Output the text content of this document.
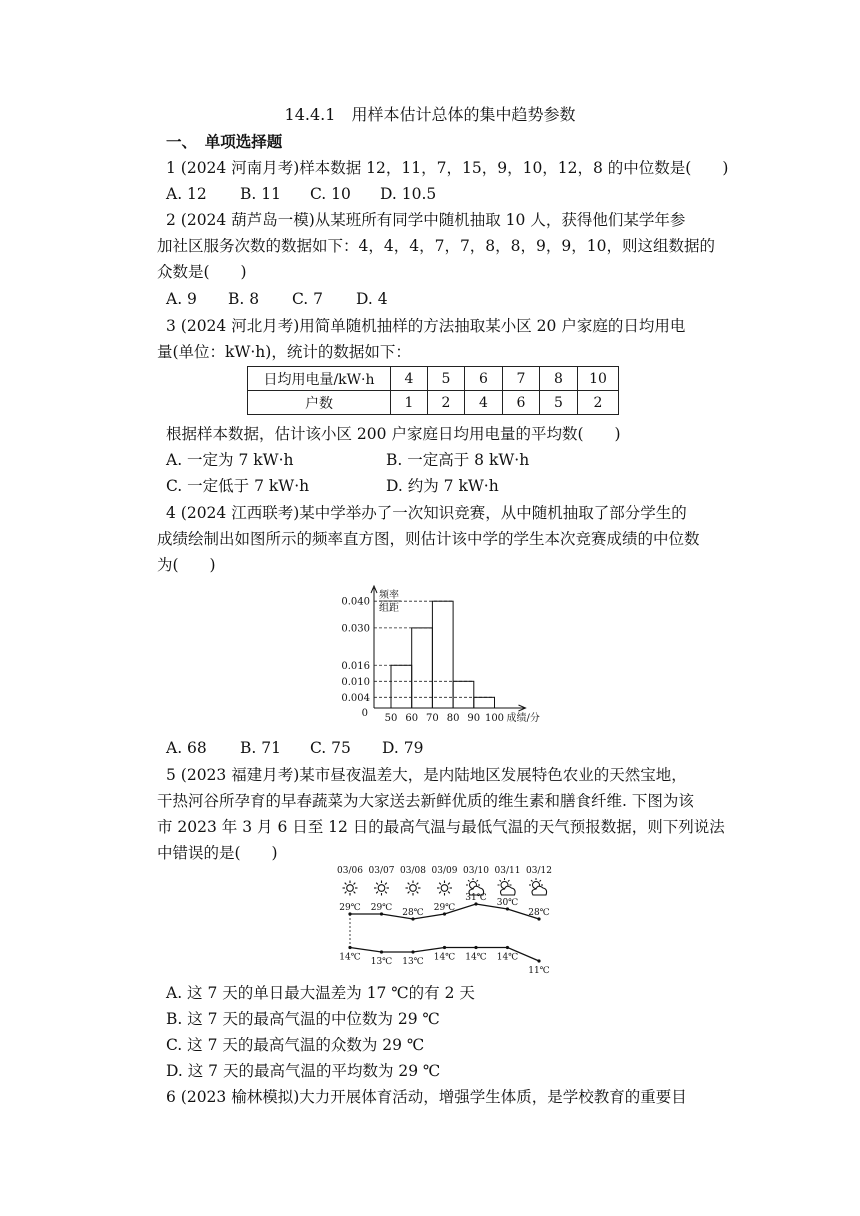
14.4.1　用样本估计总体的集中趋势参数
一、　单项选择题
1 (2024 河南月考)样本数据 12，11，7，15，9，10，12，8 的中位数是(　　)
A. 12 B. 11 C. 10 D. 10.5
2 (2024 葫芦岛一模)从某班所有同学中随机抽取 10 人，获得他们某学年参
加社区服务次数的数据如下：4，4，4，7，7，8，8，9，9，10，则这组数据的
众数是(　　)
A. 9 B. 8 C. 7 D. 4
3 (2024 河北月考)用简单随机抽样的方法抽取某小区 20 户家庭的日均用电
量(单位：kW·h)，统计的数据如下：
日均用电量/kW·h	4	5	6	7	8	10
户数	1	2	4	6	5	2
根据样本数据，估计该小区 200 户家庭日均用电量的平均数(　　)
A. 一定为 7 kW·h	B. 一定高于 8 kW·h
C. 一定低于 7 kW·h	D. 约为 7 kW·h
4 (2024 江西联考)某中学举办了一次知识竞赛，从中随机抽取了部分学生的
成绩绘制出如图所示的频率直方图，则估计该中学的学生本次竞赛成绩的中位数
为(　　)
频率
组距
0.004
0.010
0.016
0.030
0.040
0 50 60 70 80 90 100 成绩/分
A. 68 B. 71 C. 75 D. 79
5 (2023 福建月考)某市昼夜温差大，是内陆地区发展特色农业的天然宝地，
干热河谷所孕育的早春蔬菜为大家送去新鲜优质的维生素和膳食纤维. 下图为该
市 2023 年 3 月 6 日至 12 日的最高气温与最低气温的天气预报数据，则下列说法
中错误的是(　　)
03/06 03/07 03/08 03/09 03/10 03/11 03/12
29℃ 29℃ 28℃ 29℃
31℃ 30℃
28℃
14℃ 13℃ 13℃ 14℃ 14℃ 14℃
11℃
A. 这 7 天的单日最大温差为 17 ℃的有 2 天
B. 这 7 天的最高气温的中位数为 29 ℃
C. 这 7 天的最高气温的众数为 29 ℃
D. 这 7 天的最高气温的平均数为 29 ℃
6 (2023 榆林模拟)大力开展体育活动，增强学生体质，是学校教育的重要目
